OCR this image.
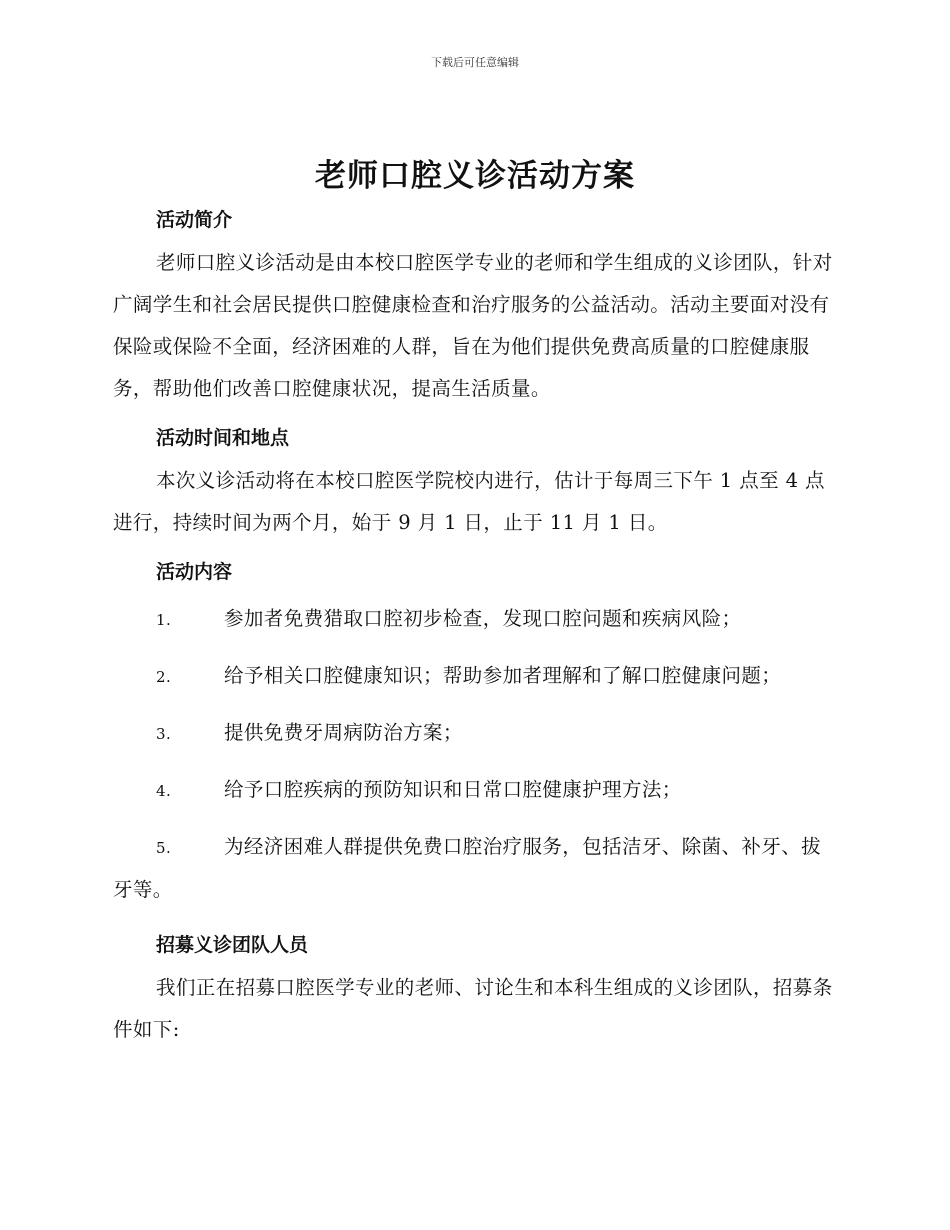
下载后可任意编辑
老师口腔义诊活动方案
活动简介

老师口腔义诊活动是由本校口腔医学专业的老师和学生组成的义诊团队，针对广阔学生和社会居民提供口腔健康检查和治疗服务的公益活动。活动主要面对没有保险或保险不全面，经济困难的人群，旨在为他们提供免费高质量的口腔健康服务，帮助他们改善口腔健康状况，提高生活质量。

活动时间和地点

本次义诊活动将在本校口腔医学院校内进行，估计于每周三下午 1 点至 4 点进行，持续时间为两个月，始于 9 月 1 日，止于 11 月 1 日。

活动内容
1.	参加者免费猎取口腔初步检查，发现口腔问题和疾病风险；
2.	给予相关口腔健康知识；帮助参加者理解和了解口腔健康问题；
3.	提供免费牙周病防治方案；
4.	给予口腔疾病的预防知识和日常口腔健康护理方法；
5.	为经济困难人群提供免费口腔治疗服务，包括洁牙、除菌、补牙、拔牙等。
招募义诊团队人员

我们正在招募口腔医学专业的老师、讨论生和本科生组成的义诊团队，招募条件如下:
